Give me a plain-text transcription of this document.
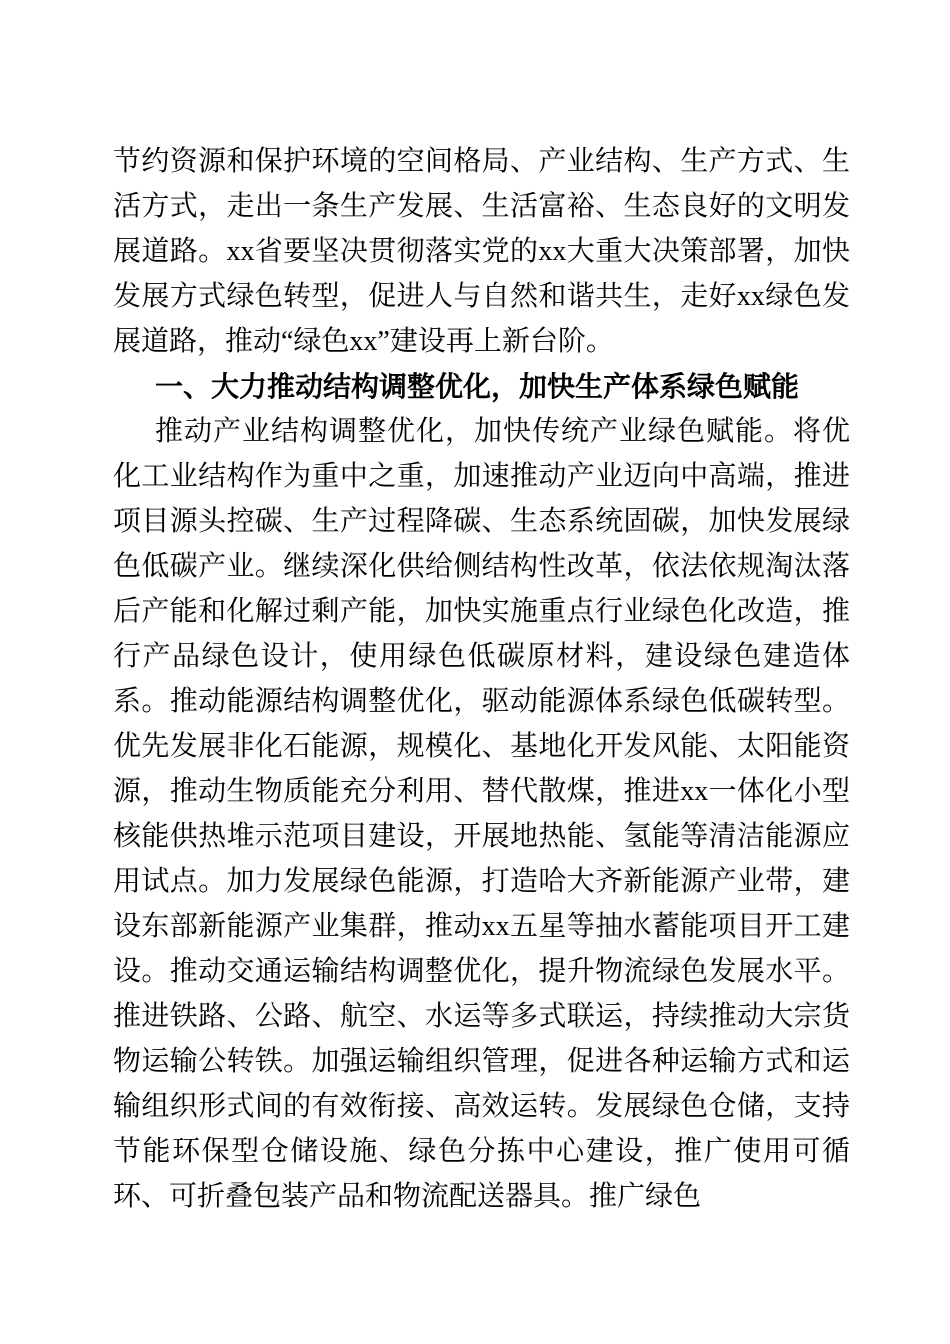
节约资源和保护环境的空间格局、产业结构、生产方式、生活方式，走出一条生产发展、生活富裕、生态良好的文明发展道路。xx省要坚决贯彻落实党的xx大重大决策部署，加快发展方式绿色转型，促进人与自然和谐共生，走好xx绿色发展道路，推动“绿色xx”建设再上新台阶。

一、大力推动结构调整优化，加快生产体系绿色赋能

推动产业结构调整优化，加快传统产业绿色赋能。将优化工业结构作为重中之重，加速推动产业迈向中高端，推进项目源头控碳、生产过程降碳、生态系统固碳，加快发展绿色低碳产业。继续深化供给侧结构性改革，依法依规淘汰落后产能和化解过剩产能，加快实施重点行业绿色化改造，推行产品绿色设计，使用绿色低碳原材料，建设绿色建造体系。推动能源结构调整优化，驱动能源体系绿色低碳转型。优先发展非化石能源，规模化、基地化开发风能、太阳能资源，推动生物质能充分利用、替代散煤，推进xx一体化小型核能供热堆示范项目建设，开展地热能、氢能等清洁能源应用试点。加力发展绿色能源，打造哈大齐新能源产业带，建设东部新能源产业集群，推动xx五星等抽水蓄能项目开工建设。推动交通运输结构调整优化，提升物流绿色发展水平。推进铁路、公路、航空、水运等多式联运，持续推动大宗货物运输公转铁。加强运输组织管理，促进各种运输方式和运输组织形式间的有效衔接、高效运转。发展绿色仓储，支持节能环保型仓储设施、绿色分拣中心建设，推广使用可循环、可折叠包装产品和物流配送器具。推广绿色
